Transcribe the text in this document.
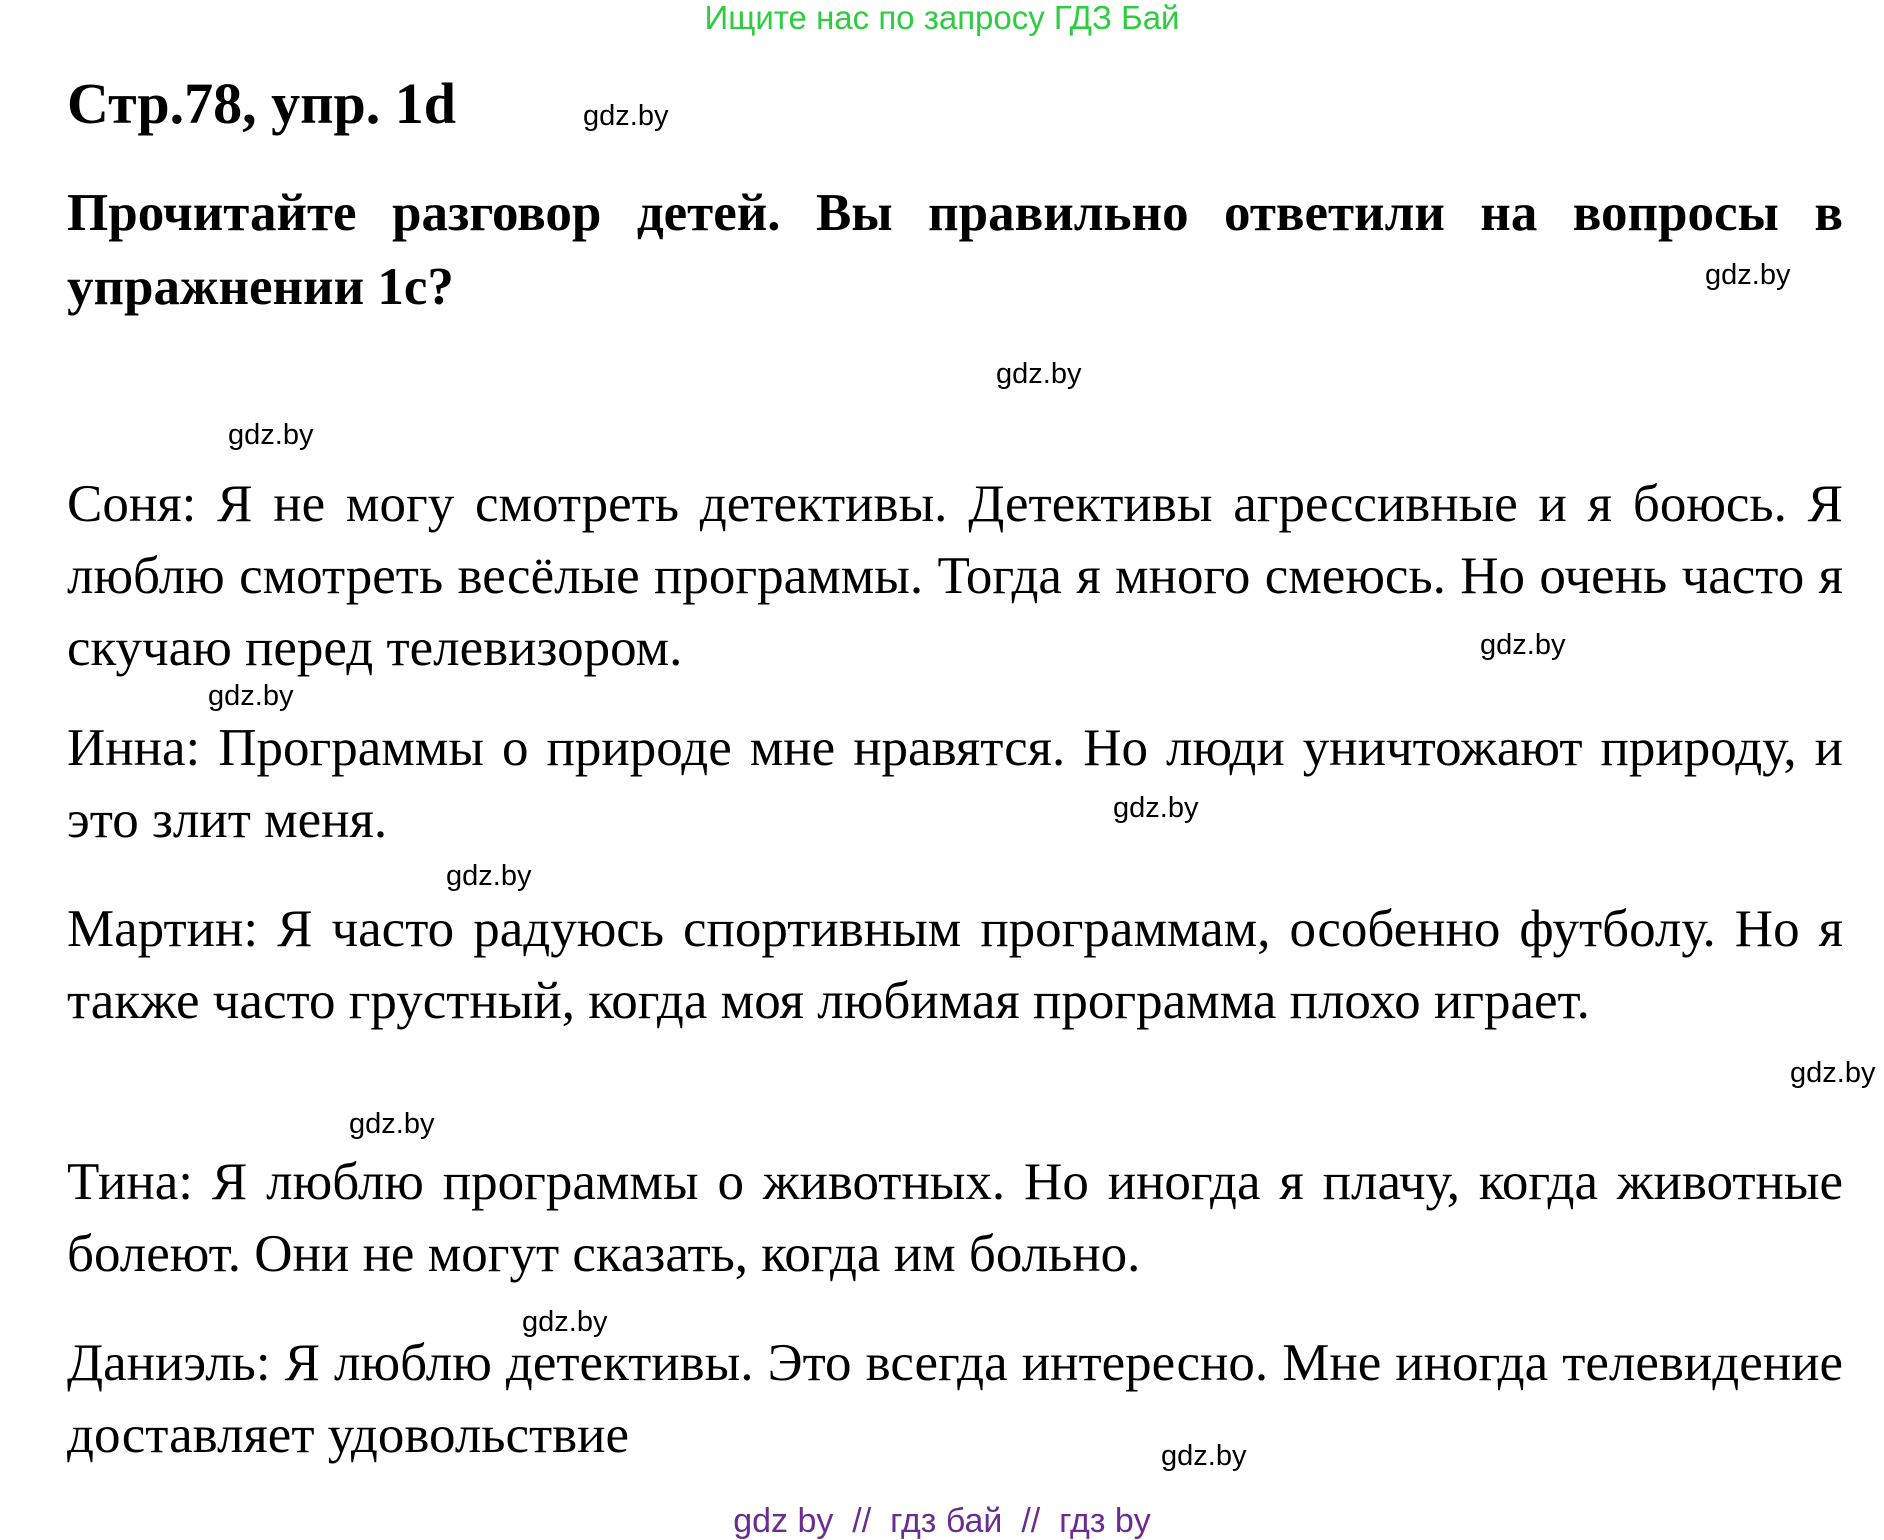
Ищите нас по запросу ГДЗ Бай
Стр.78, упр. 1d
Прочитайте разговор детей. Вы правильно ответили на вопросы в упражнении 1c?
Соня: Я не могу смотреть детективы. Детективы агрессивные и я боюсь. Я люблю смотреть весёлые программы. Тогда я много смеюсь. Но очень часто я скучаю перед телевизором.
Инна: Программы о природе мне нравятся. Но люди уничтожают природу, и это злит меня.
Мартин: Я часто радуюсь спортивным программам, особенно футболу. Но я также часто грустный, когда моя любимая программа плохо играет.
Тина: Я люблю программы о животных. Но иногда я плачу, когда животные болеют. Они не могут сказать, когда им больно.
Даниэль: Я люблю детективы. Это всегда интересно. Мне иногда телевидение доставляет удовольствие
gdz.by
gdz.by
gdz.by
gdz.by
gdz.by
gdz.by
gdz.by
gdz.by
gdz.by
gdz.by
gdz.by
gdz.by
gdz by  //  гдз бай  //  гдз by
